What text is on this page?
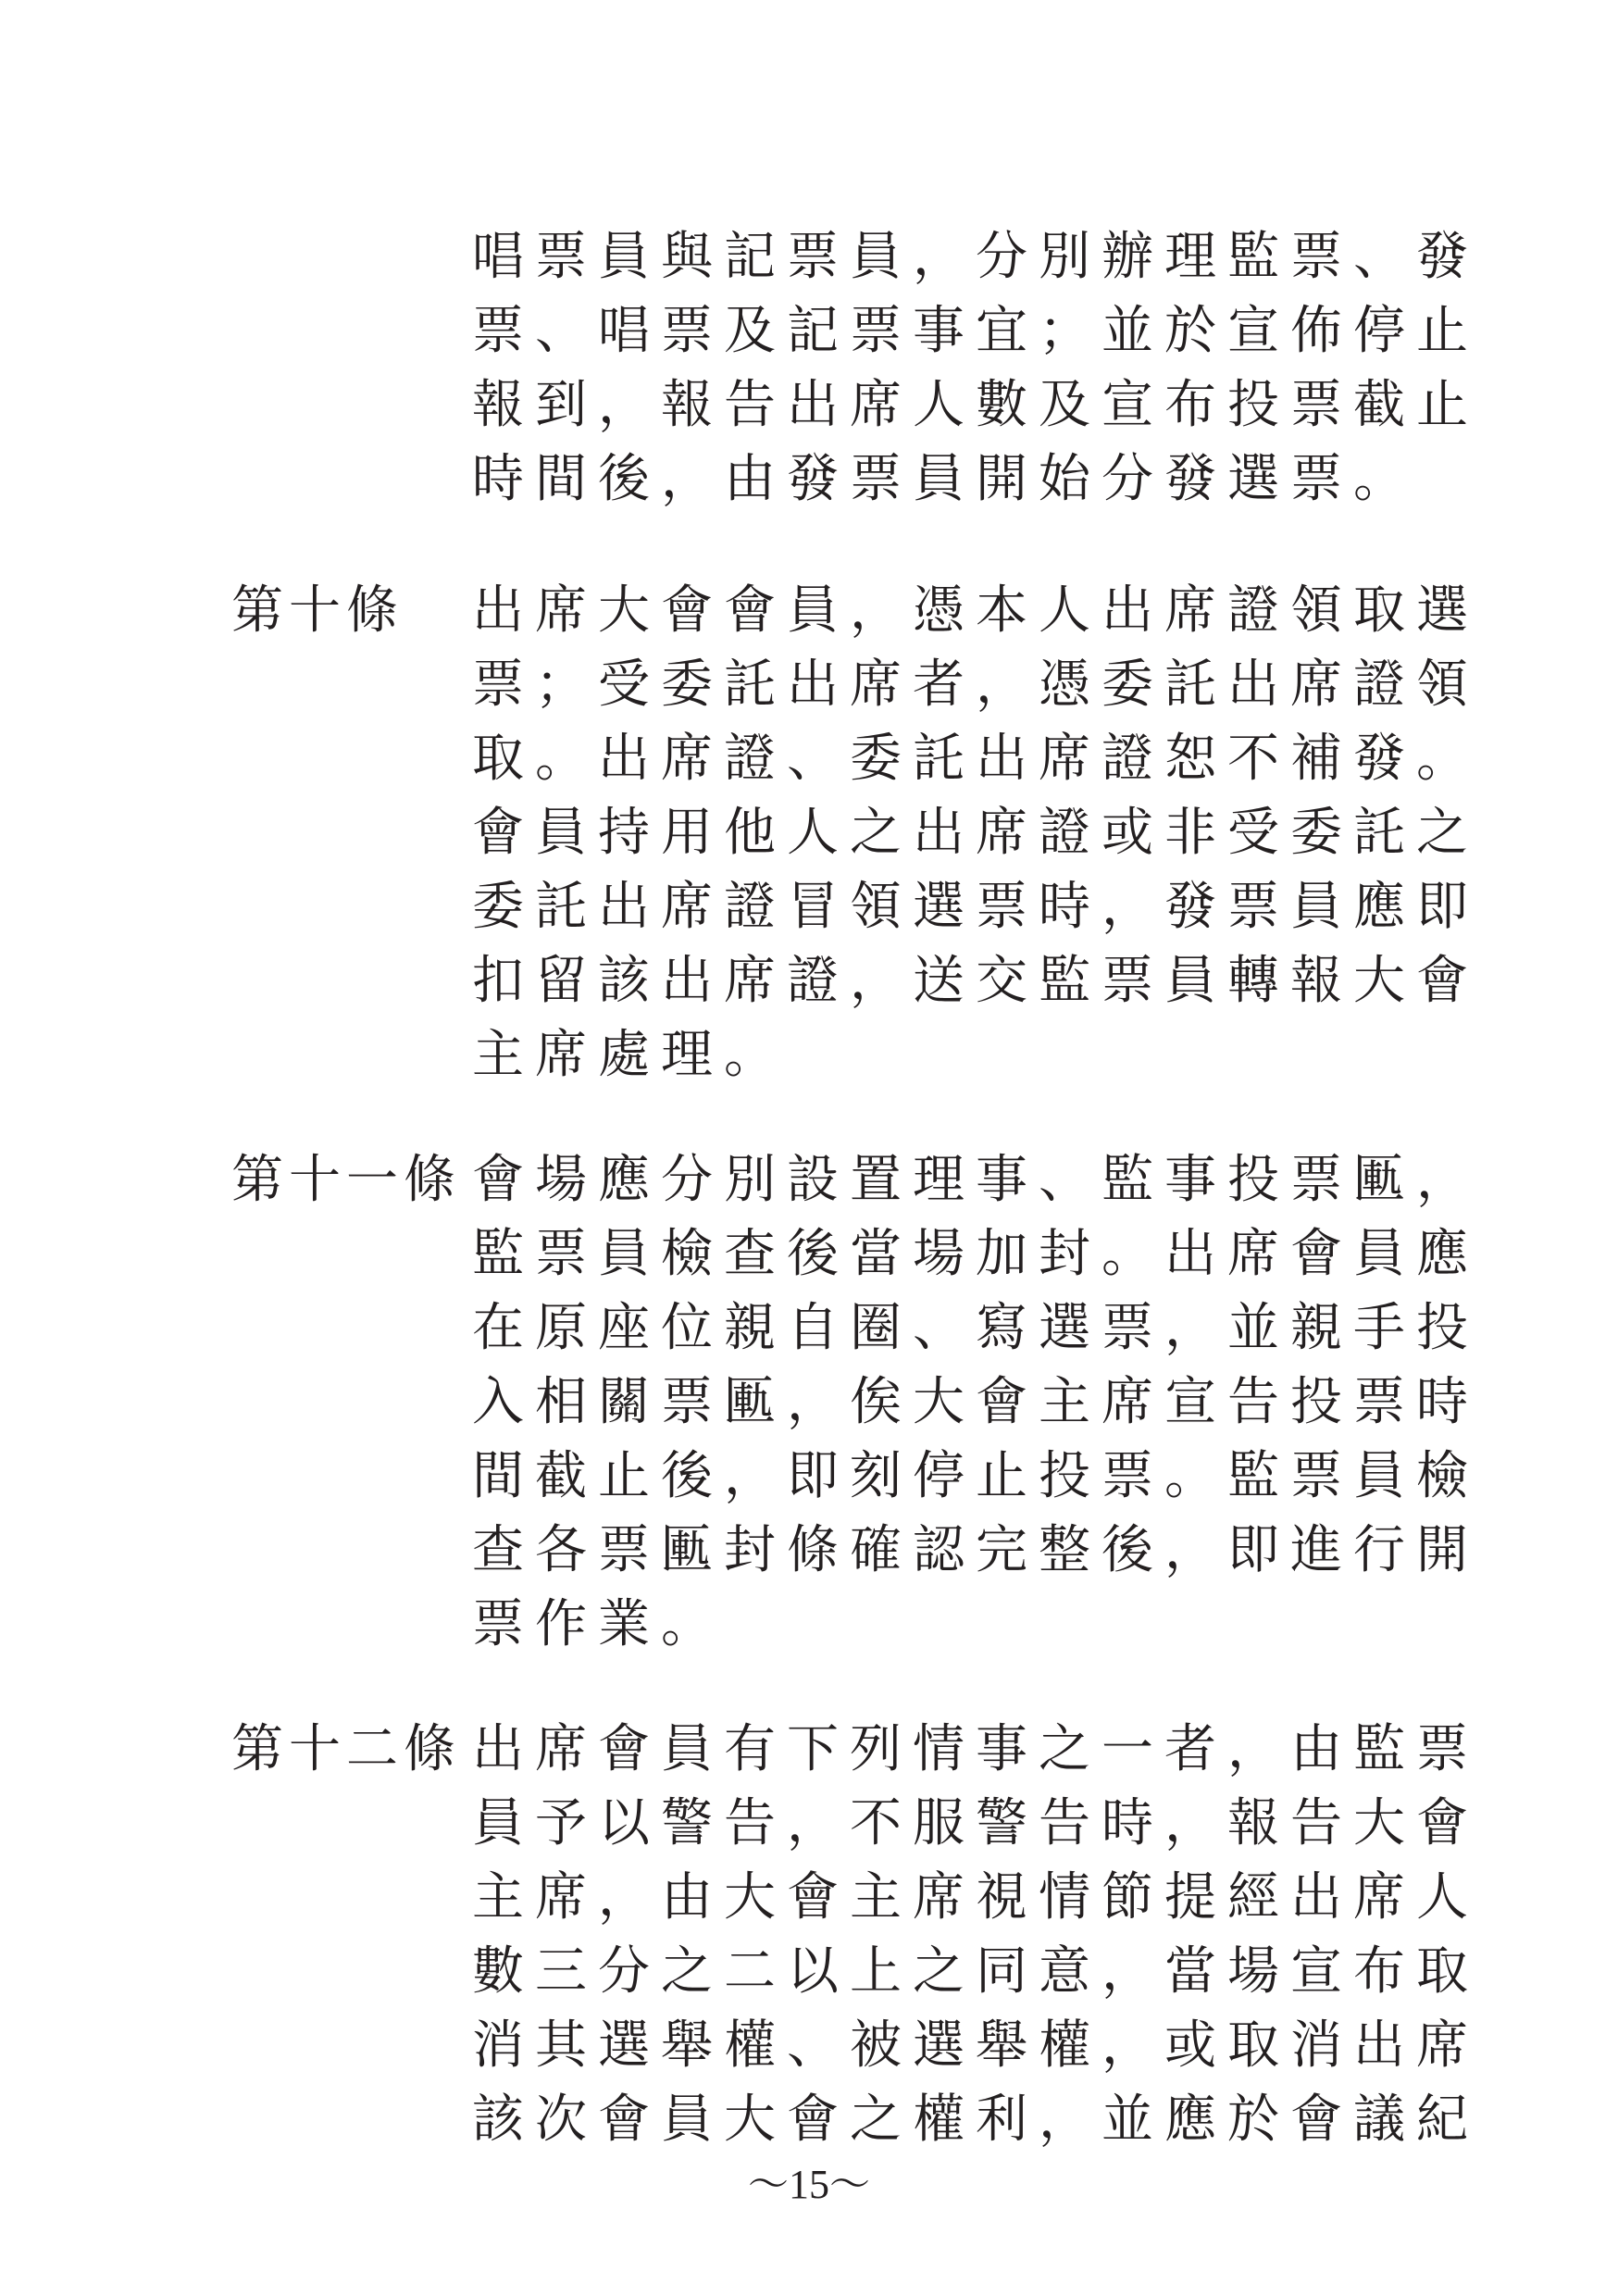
唱票員與記票員，分別辦理監票、發
票、唱票及記票事宜；並於宣佈停止
報到，報告出席人數及宣布投票截止
時間後，由發票員開始分發選票。
第十條 出席大會會員，憑本人出席證領取選
票；受委託出席者，憑委託出席證領
取。出席證、委託出席證恕不補發。
會員持用他人之出席證或非受委託之
委託出席證冒領選票時，發票員應即
扣留該出席證，送交監票員轉報大會
主席處理。
第十一條 會場應分別設置理事、監事投票匭，
監票員檢查後當場加封。出席會員應
在原座位親自圈、寫選票，並親手投
入相關票匭，俟大會主席宣告投票時
間截止後，即刻停止投票。監票員檢
查各票匭封條確認完整後，即進行開
票作業。
第十二條 出席會員有下列情事之一者，由監票
員予以警告，不服警告時，報告大會
主席，由大會主席視情節提經出席人
數三分之二以上之同意，當場宣布取
消其選舉權、被選舉權，或取消出席
該次會員大會之權利，並應於會議紀
～15～
